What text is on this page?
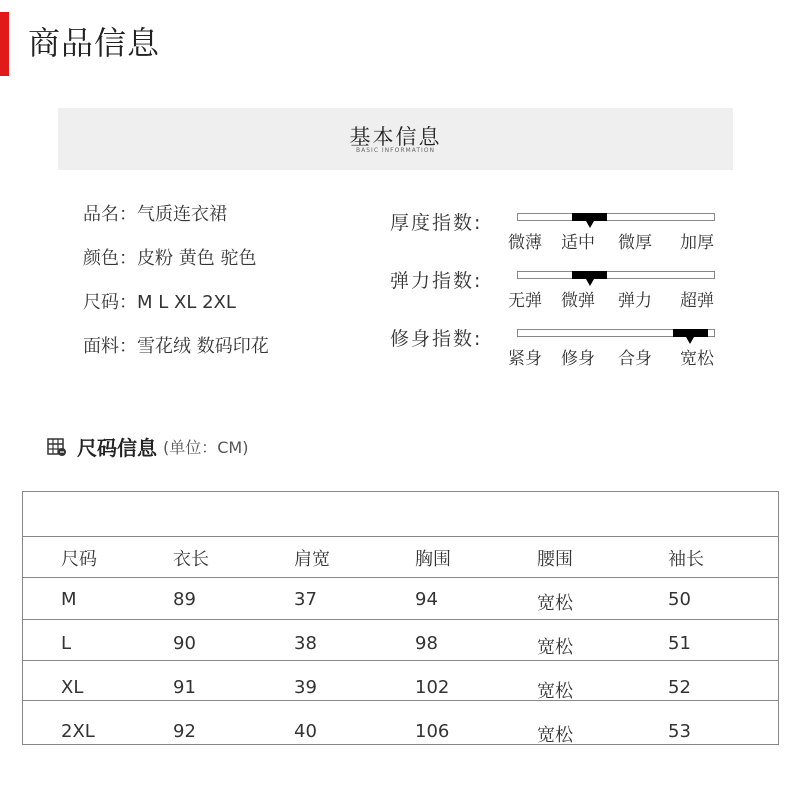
商品信息
基本信息
BASIC INFORMATION
品名：气质连衣裙
颜色：皮粉 黄色 驼色
尺码：M L XL 2XL
面料：雪花绒 数码印花
厚度指数:
微薄 适中 微厚 加厚
弹力指数:
无弹 微弹 弹力 超弹
修身指数:
紧身 修身 合身 宽松
尺码信息 (单位：CM)
尺码	衣长	肩宽	胸围	腰围	袖长
M	89	37	94	宽松	50
L	90	38	98	宽松	51
XL	91	39	102	宽松	52
2XL	92	40	106	宽松	53
